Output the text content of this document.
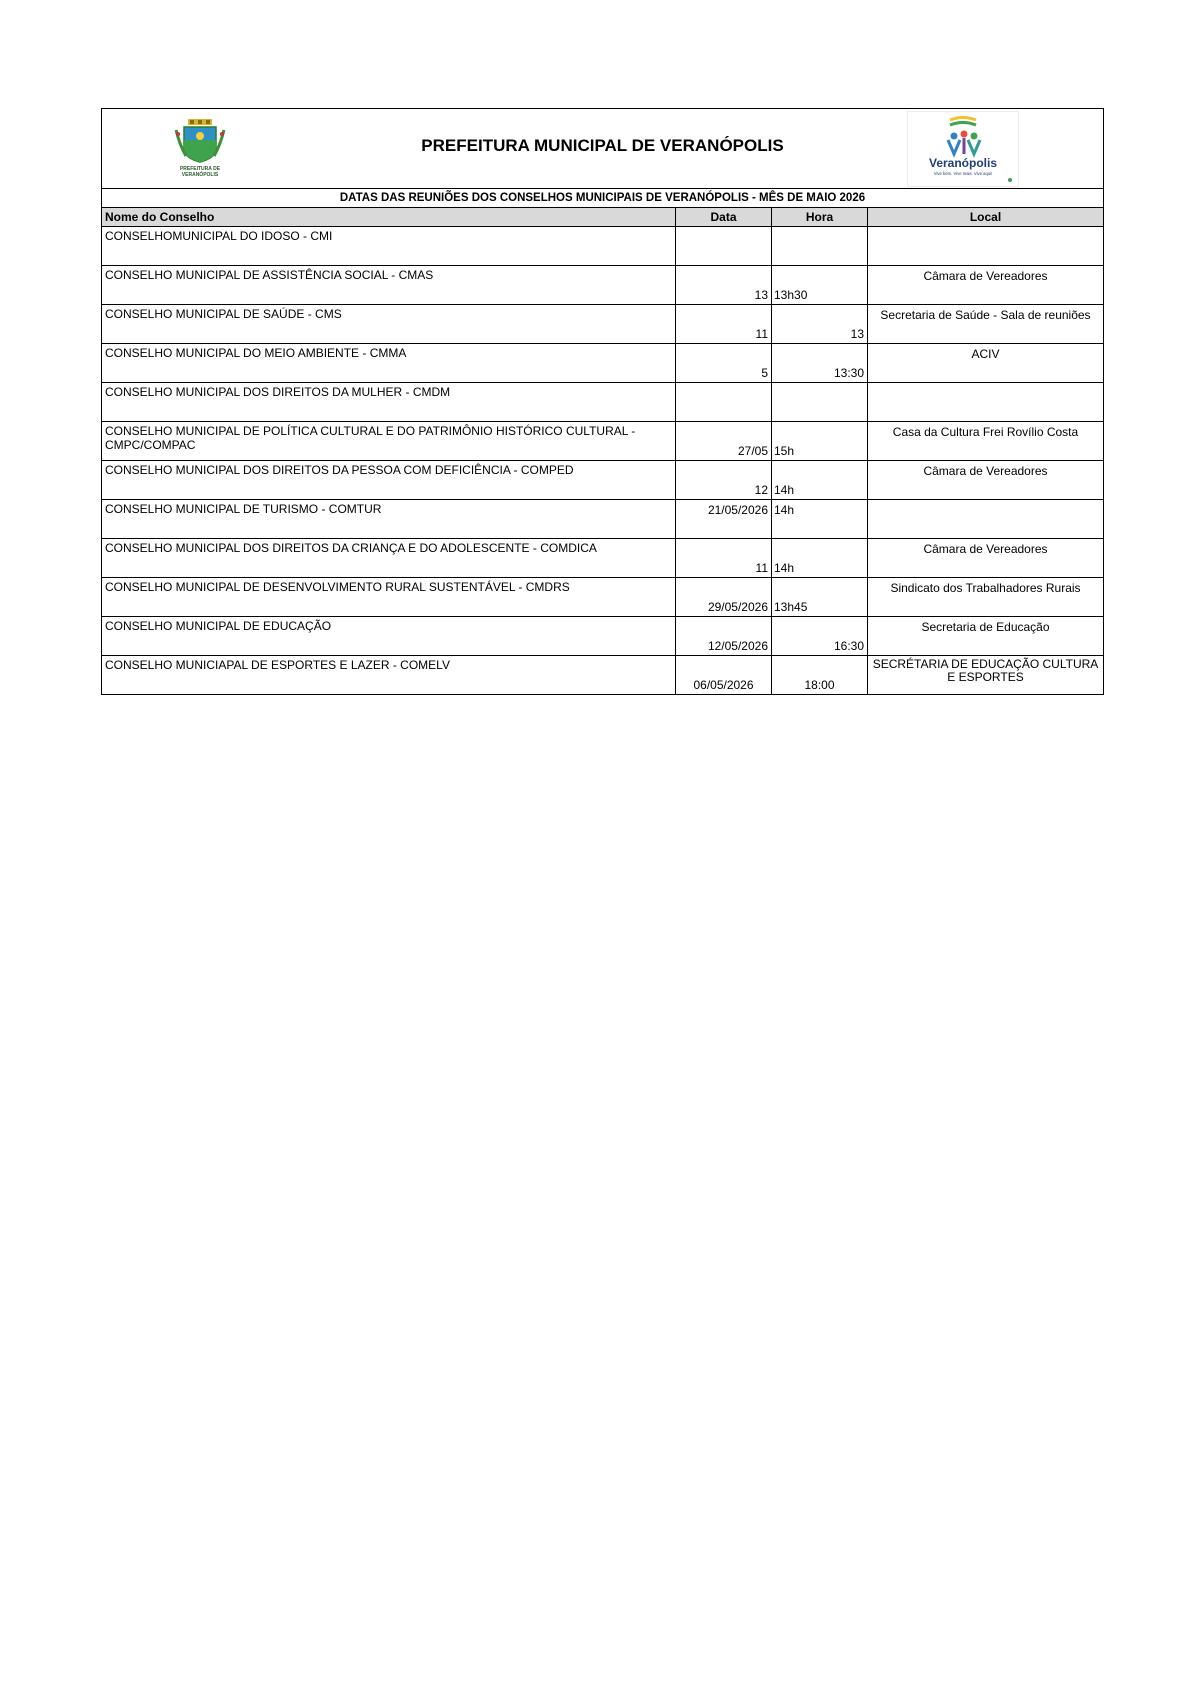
PREFEITURA DE
VERANÓPOLIS
PREFEITURA MUNICIPAL DE VERANÓPOLIS
Veranópolis
Vive bem. Vive mais. Vive aqui!			

DATAS DAS REUNIÕES DOS CONSELHOS MUNICIPAIS DE VERANÓPOLIS - MÊS DE MAIO 2026			
Nome do Conselho	Data	Hora	Local

CONSELHOMUNICIPAL DO IDOSO - CMI			

CONSELHO MUNICIPAL DE ASSISTÊNCIA SOCIAL - CMAS	13	13h30	Câmara de Vereadores

CONSELHO MUNICIPAL DE SAÚDE - CMS	11	13	Secretaria de Saúde - Sala de reuniões

CONSELHO MUNICIPAL DO MEIO AMBIENTE - CMMA	5	13:30	ACIV

CONSELHO MUNICIPAL DOS DIREITOS DA MULHER - CMDM			

CONSELHO MUNICIPAL DE POLÍTICA CULTURAL E DO PATRIMÔNIO HISTÓRICO CULTURAL - CMPC/COMPAC	27/05	15h	Casa da Cultura Frei Rovílio Costa

CONSELHO MUNICIPAL DOS DIREITOS DA PESSOA COM DEFICIÊNCIA - COMPED	12	14h	Câmara de Vereadores

CONSELHO MUNICIPAL DE TURISMO - COMTUR	21/05/2026	14h	

CONSELHO MUNICIPAL DOS DIREITOS DA CRIANÇA E DO ADOLESCENTE - COMDICA	11	14h	Câmara de Vereadores

CONSELHO MUNICIPAL DE DESENVOLVIMENTO RURAL SUSTENTÁVEL - CMDRS	29/05/2026	13h45	Sindicato dos Trabalhadores Rurais

CONSELHO MUNICIPAL DE EDUCAÇÃO	12/05/2026	16:30	Secretaria de Educação

CONSELHO MUNICIAPAL DE ESPORTES E LAZER - COMELV	06/05/2026	18:00	SECRÉTARIA DE EDUCAÇÃO CULTURA E ESPORTES
